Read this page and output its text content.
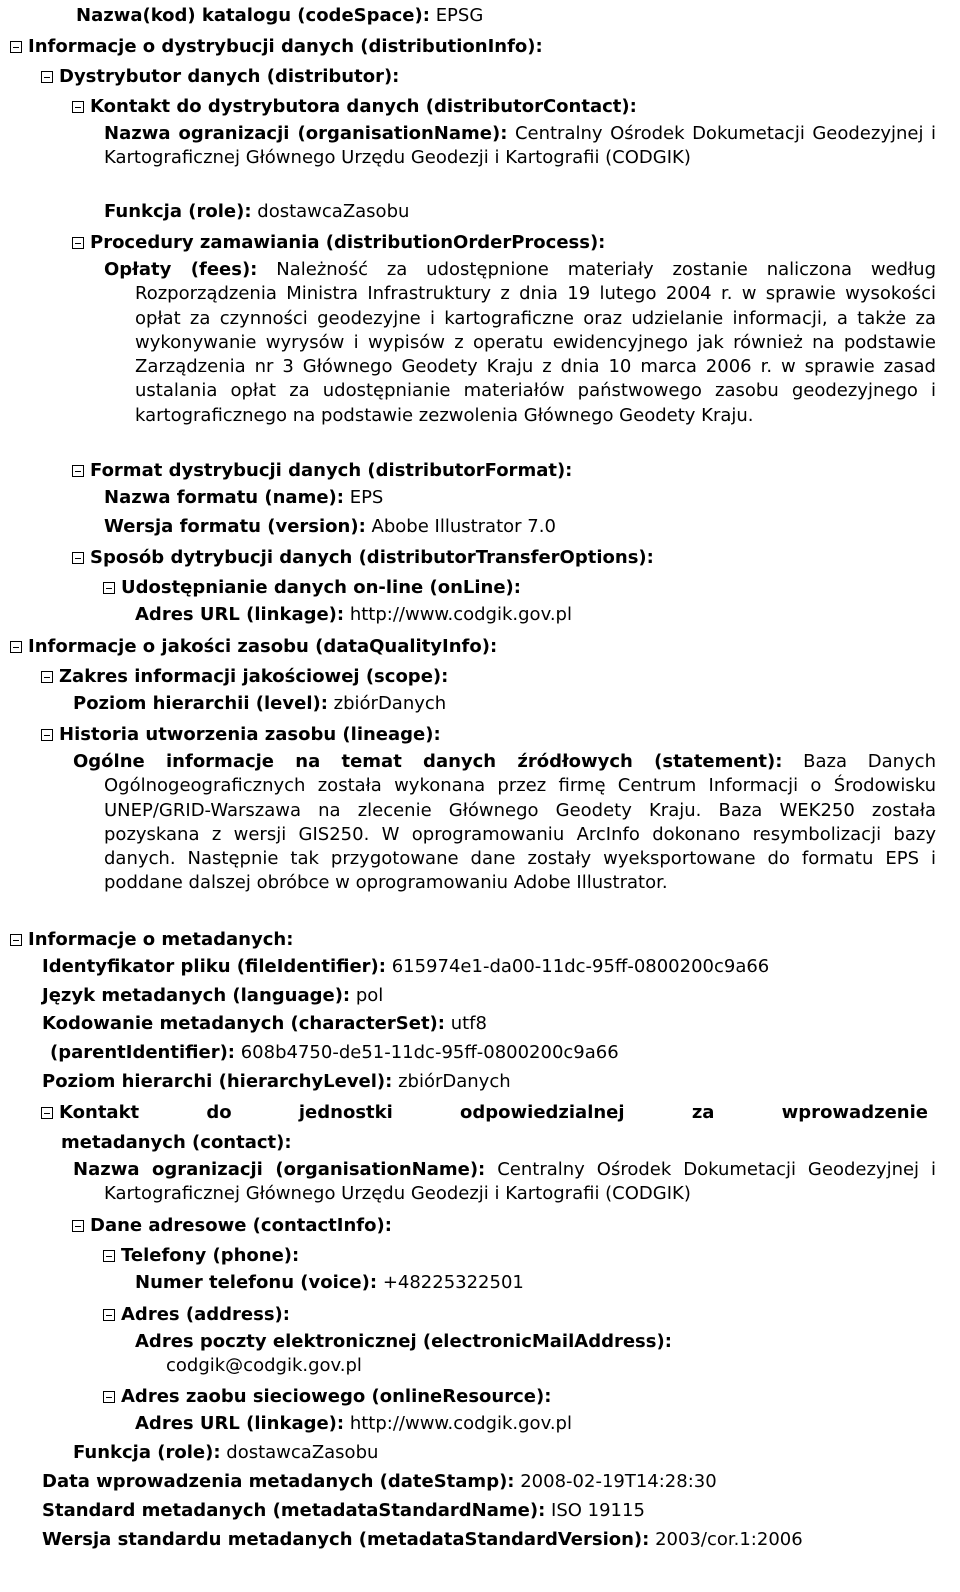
Nazwa(kod) katalogu (codeSpace): EPSG
Informacje o dystrybucji danych (distributionInfo):
Dystrybutor danych (distributor):
Kontakt do dystrybutora danych (distributorContact):
Nazwa ogranizacji (organisationName): Centralny Ośrodek Dokumetacji Geodezyjnej i Kartograficznej Głównego Urzędu Geodezji i Kartografii (CODGIK)
Funkcja (role): dostawcaZasobu
Procedury zamawiania (distributionOrderProcess):
Opłaty (fees): Należność za udostępnione materiały zostanie naliczona według Rozporządzenia Ministra Infrastruktury z dnia 19 lutego 2004 r. w sprawie wysokości opłat za czynności geodezyjne i kartograficzne oraz udzielanie informacji, a także za wykonywanie wyrysów i wypisów z operatu ewidencyjnego jak również na podstawie Zarządzenia nr 3 Głównego Geodety Kraju z dnia 10 marca 2006 r. w sprawie zasad ustalania opłat za udostępnianie materiałów państwowego zasobu geodezyjnego i kartograficznego na podstawie zezwolenia Głównego Geodety Kraju.
Format dystrybucji danych (distributorFormat):
Nazwa formatu (name): EPS
Wersja formatu (version): Abobe Illustrator 7.0
Sposób dytrybucji danych (distributorTransferOptions):
Udostępnianie danych on-line (onLine):
Adres URL (linkage): http://www.codgik.gov.pl
Informacje o jakości zasobu (dataQualityInfo):
Zakres informacji jakościowej (scope):
Poziom hierarchii (level): zbiórDanych
Historia utworzenia zasobu (lineage):
Ogólne informacje na temat danych źródłowych (statement): Baza Danych Ogólnogeograficznych została wykonana przez firmę Centrum Informacji o Środowisku UNEP/GRID-Warszawa na zlecenie Głównego Geodety Kraju. Baza WEK250 została pozyskana z wersji GIS250. W oprogramowaniu ArcInfo dokonano resymbolizacji bazy danych. Następnie tak przygotowane dane zostały wyeksportowane do formatu EPS i poddane dalszej obróbce w oprogramowaniu Adobe Illustrator.
Informacje o metadanych:
Identyfikator pliku (fileIdentifier): 615974e1-da00-11dc-95ff-0800200c9a66
Język metadanych (language): pol
Kodowanie metadanych (characterSet): utf8
(parentIdentifier): 608b4750-de51-11dc-95ff-0800200c9a66
Poziom hierarchi (hierarchyLevel): zbiórDanych
Kontakt	do	jednostki	odpowiedzialnej	za	wprowadzenie
metadanych (contact):
Nazwa ogranizacji (organisationName): Centralny Ośrodek Dokumetacji Geodezyjnej i Kartograficznej Głównego Urzędu Geodezji i Kartografii (CODGIK)
Dane adresowe (contactInfo):
Telefony (phone):
Numer telefonu (voice): +48225322501
Adres (address):
Adres poczty elektronicznej (electronicMailAddress):
codgik@codgik.gov.pl
Adres zaobu sieciowego (onlineResource):
Adres URL (linkage): http://www.codgik.gov.pl
Funkcja (role): dostawcaZasobu
Data wprowadzenia metadanych (dateStamp): 2008-02-19T14:28:30
Standard metadanych (metadataStandardName): ISO 19115
Wersja standardu metadanych (metadataStandardVersion): 2003/cor.1:2006
